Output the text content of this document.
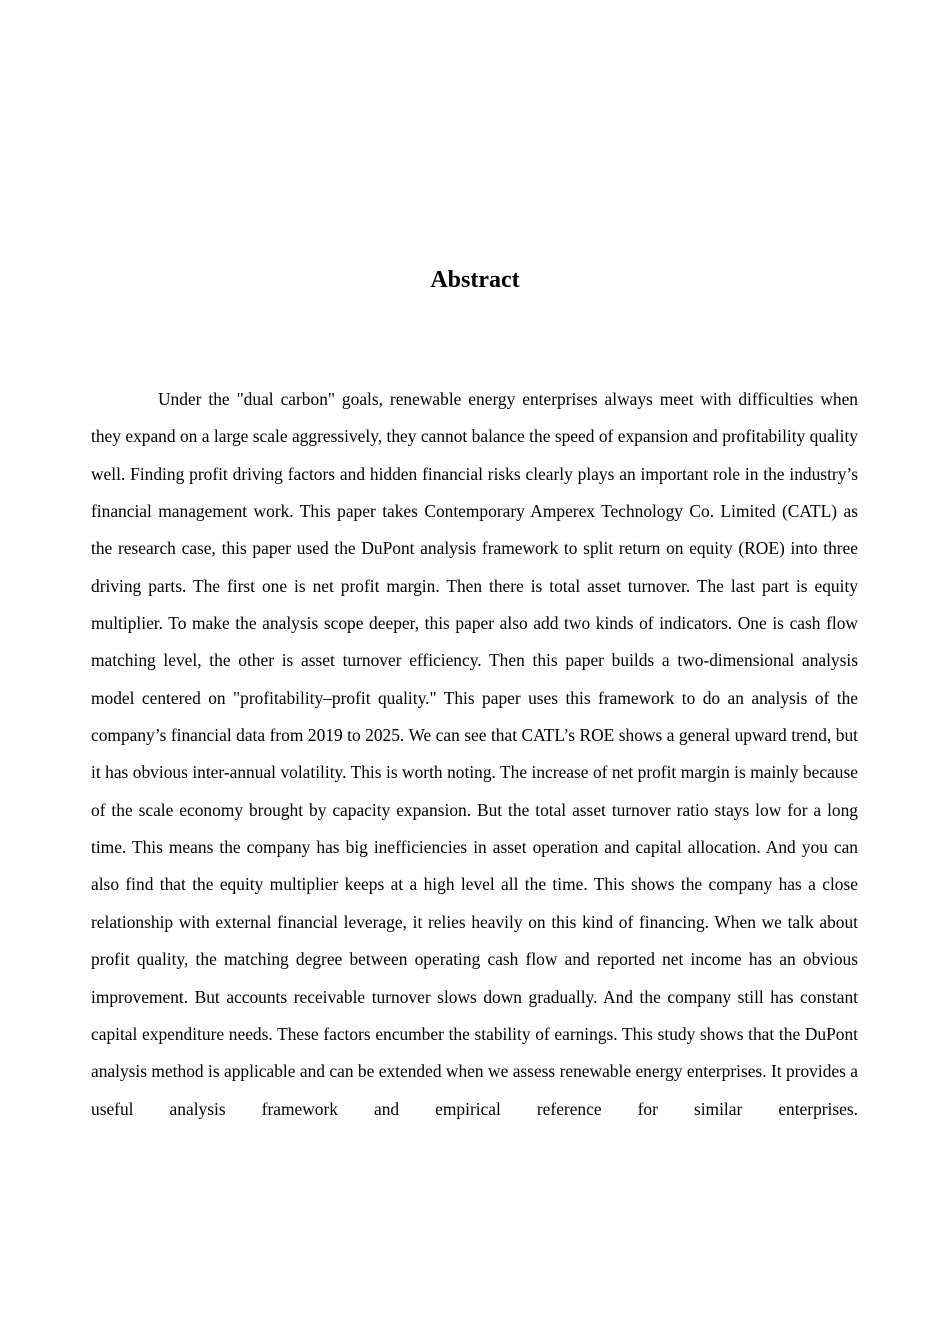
Abstract

Under the "dual carbon" goals, renewable energy enterprises always meet with difficulties when they expand on a large scale aggressively, they cannot balance the speed of expansion and profitability quality well. Finding profit driving factors and hidden financial risks clearly plays an important role in the industry’s financial management work. This paper takes Contemporary Amperex Technology Co. Limited (CATL) as the research case, this paper used the DuPont analysis framework to split return on equity (ROE) into three driving parts. The first one is net profit margin. Then there is total asset turnover. The last part is equity multiplier. To make the analysis scope deeper, this paper also add two kinds of indicators. One is cash flow matching level, the other is asset turnover efficiency. Then this paper builds a two-dimensional analysis model centered on "profitability–profit quality." This paper uses this framework to do an analysis of the company’s financial data from 2019 to 2025. We can see that CATL’s ROE shows a general upward trend, but it has obvious inter-annual volatility. This is worth noting. The increase of net profit margin is mainly because of the scale economy brought by capacity expansion. But the total asset turnover ratio stays low for a long time. This means the company has big inefficiencies in asset operation and capital allocation. And you can also find that the equity multiplier keeps at a high level all the time. This shows the company has a close relationship with external financial leverage, it relies heavily on this kind of financing. When we talk about profit quality, the matching degree between operating cash flow and reported net income has an obvious improvement. But accounts receivable turnover slows down gradually. And the company still has constant capital expenditure needs. These factors encumber the stability of earnings. This study shows that the DuPont analysis method is applicable and can be extended when we assess renewable energy enterprises. It provides a useful analysis framework and empirical reference for similar enterprises.
